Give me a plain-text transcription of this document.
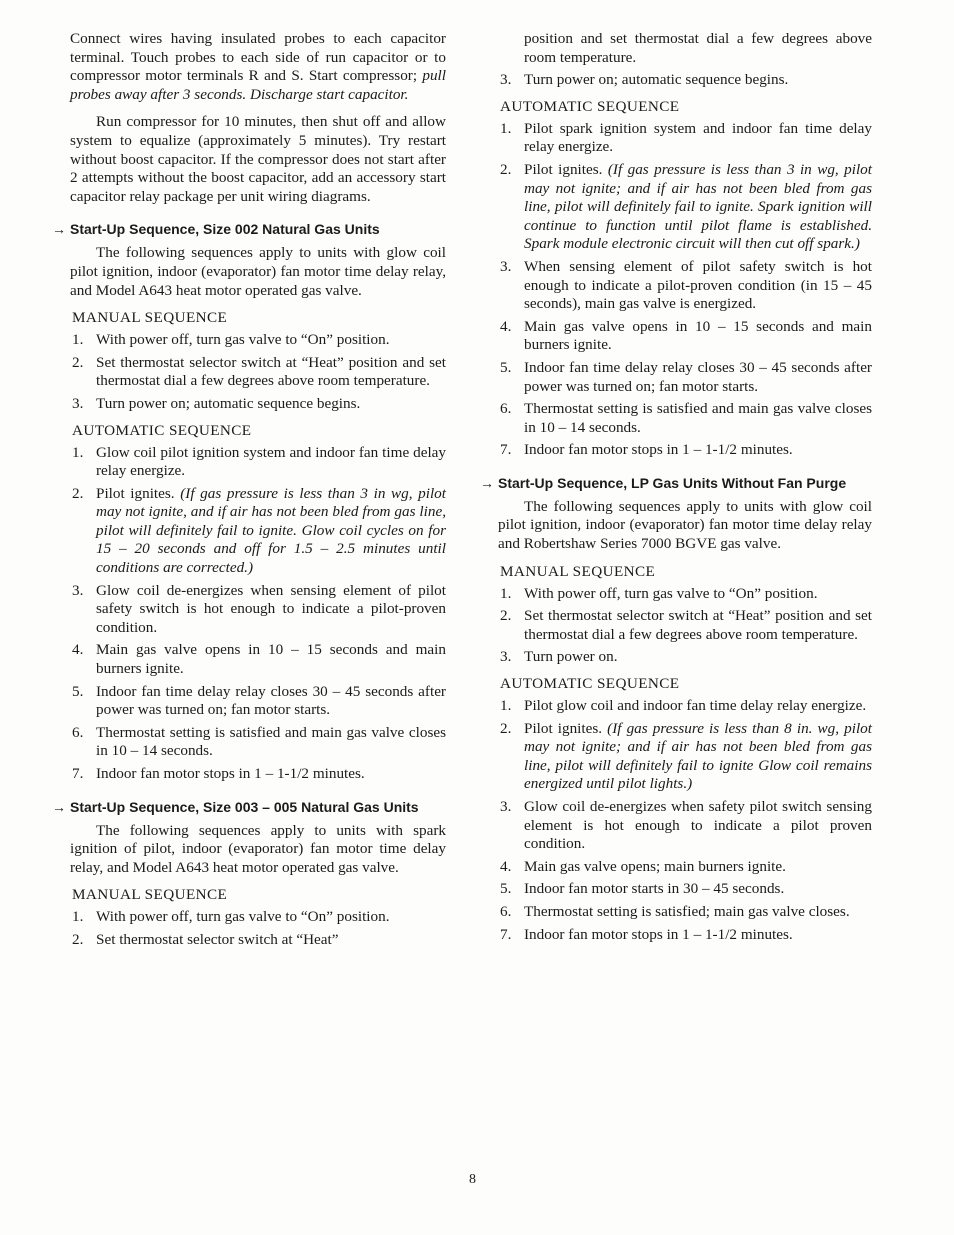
Connect wires having insulated probes to each capacitor terminal. Touch probes to each side of run capacitor or to compressor motor terminals R and S. Start compressor; pull probes away after 3 seconds. Discharge start capacitor.

Run compressor for 10 minutes, then shut off and allow system to equalize (approximately 5 minutes). Try restart without boost capacitor. If the compressor does not start after 2 attempts without the boost capacitor, add an accessory start capacitor relay package per unit wiring diagrams.

→ Start-Up Sequence, Size 002 Natural Gas Units

The following sequences apply to units with glow coil pilot ignition, indoor (evaporator) fan motor time delay relay, and Model A643 heat motor operated gas valve.

MANUAL SEQUENCE
1. With power off, turn gas valve to “On” position.
2. Set thermostat selector switch at “Heat” position and set thermostat dial a few degrees above room temperature.
3. Turn power on; automatic sequence begins.
AUTOMATIC SEQUENCE
1. Glow coil pilot ignition system and indoor fan time delay relay energize.
2. Pilot ignites. (If gas pressure is less than 3 in wg, pilot may not ignite, and if air has not been bled from gas line, pilot will definitely fail to ignite. Glow coil cycles on for 15 – 20 seconds and off for 1.5 – 2.5 minutes until conditions are corrected.)
3. Glow coil de-energizes when sensing element of pilot safety switch is hot enough to indicate a pilot-proven condition.
4. Main gas valve opens in 10 – 15 seconds and main burners ignite.
5. Indoor fan time delay relay closes 30 – 45 seconds after power was turned on; fan motor starts.
6. Thermostat setting is satisfied and main gas valve closes in 10 – 14 seconds.
7. Indoor fan motor stops in 1 – 1-1/2 minutes.
→ Start-Up Sequence, Size 003 – 005 Natural Gas Units

The following sequences apply to units with spark ignition of pilot, indoor (evaporator) fan motor time delay relay, and Model A643 heat motor operated gas valve.

MANUAL SEQUENCE
1. With power off, turn gas valve to “On” position.
2. Set thermostat selector switch at “Heat”
position and set thermostat dial a few degrees above room temperature.
3. Turn power on; automatic sequence begins.
AUTOMATIC SEQUENCE
1. Pilot spark ignition system and indoor fan time delay relay energize.
2. Pilot ignites. (If gas pressure is less than 3 in wg, pilot may not ignite; and if air has not been bled from gas line, pilot will definitely fail to ignite. Spark ignition will continue to function until pilot flame is established. Spark module electronic circuit will then cut off spark.)
3. When sensing element of pilot safety switch is hot enough to indicate a pilot-proven condition (in 15 – 45 seconds), main gas valve is energized.
4. Main gas valve opens in 10 – 15 seconds and main burners ignite.
5. Indoor fan time delay relay closes 30 – 45 seconds after power was turned on; fan motor starts.
6. Thermostat setting is satisfied and main gas valve closes in 10 – 14 seconds.
7. Indoor fan motor stops in 1 – 1-1/2 minutes.
→ Start-Up Sequence, LP Gas Units Without Fan Purge

The following sequences apply to units with glow coil pilot ignition, indoor (evaporator) fan motor time delay relay and Robertshaw Series 7000 BGVE gas valve.

MANUAL SEQUENCE
1. With power off, turn gas valve to “On” position.
2. Set thermostat selector switch at “Heat” position and set thermostat dial a few degrees above room temperature.
3. Turn power on.
AUTOMATIC SEQUENCE
1. Pilot glow coil and indoor fan time delay relay energize.
2. Pilot ignites. (If gas pressure is less than 8 in. wg, pilot may not ignite; and if air has not been bled from gas line, pilot will definitely fail to ignite Glow coil remains energized until pilot lights.)
3. Glow coil de-energizes when safety pilot switch sensing element is hot enough to indicate a pilot proven condition.
4. Main gas valve opens; main burners ignite.
5. Indoor fan motor starts in 30 – 45 seconds.
6. Thermostat setting is satisfied; main gas valve closes.
7. Indoor fan motor stops in 1 – 1-1/2 minutes.
8
